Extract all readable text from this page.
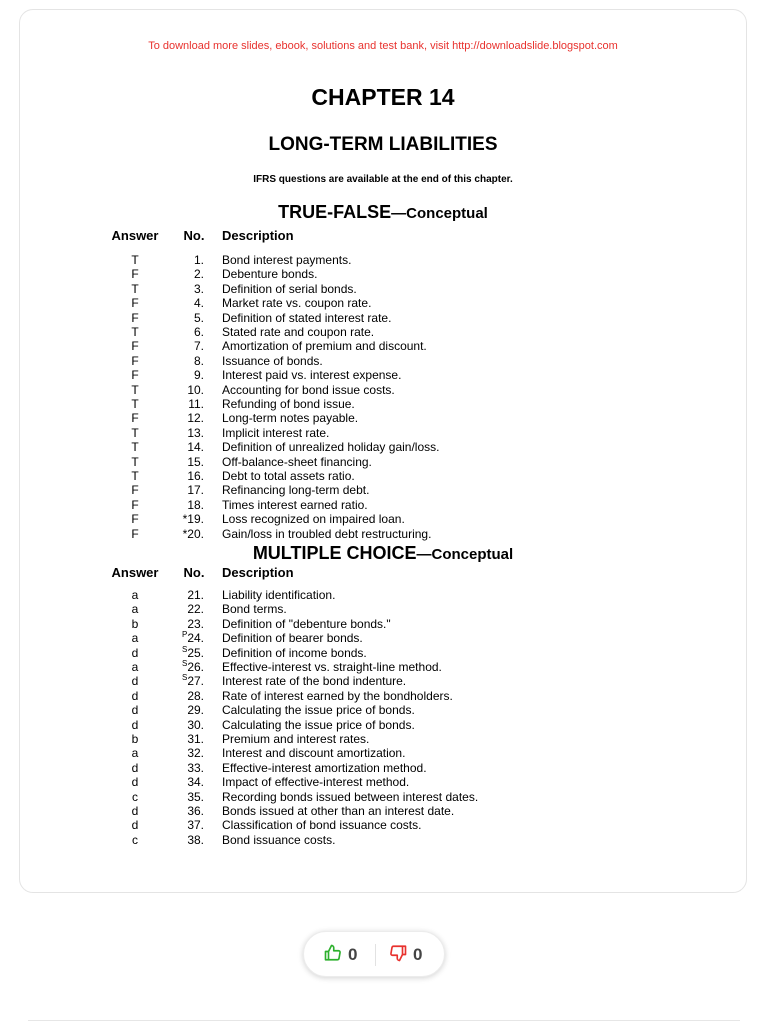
To download more slides, ebook, solutions and test bank, visit http://downloadslide.blogspot.com
CHAPTER 14
LONG-TERM LIABILITIES
IFRS questions are available at the end of this chapter.
TRUE-FALSE—Conceptual
Answer	No. Description
T	1. Bond interest payments.
F	2. Debenture bonds.
T	3. Definition of serial bonds.
F	4. Market rate vs. coupon rate.
F	5. Definition of stated interest rate.
T	6. Stated rate and coupon rate.
F	7. Amortization of premium and discount.
F	8. Issuance of bonds.
F	9. Interest paid vs. interest expense.
T	10. Accounting for bond issue costs.
T	11. Refunding of bond issue.
F	12. Long-term notes payable.
T	13. Implicit interest rate.
T	14. Definition of unrealized holiday gain/loss.
T	15. Off-balance-sheet financing.
T	16. Debt to total assets ratio.
F	17. Refinancing long-term debt.
F	18. Times interest earned ratio.
F	*19. Loss recognized on impaired loan.
F	*20. Gain/loss in troubled debt restructuring.
MULTIPLE CHOICE—Conceptual
Answer	No. Description
a	21. Liability identification.
a	22. Bond terms.
b	23. Definition of "debenture bonds."
a	$^P$24. Definition of bearer bonds.
d	$^S$25. Definition of income bonds.
a	$^S$26. Effective-interest vs. straight-line method.
d	$^S$27. Interest rate of the bond indenture.
d	28. Rate of interest earned by the bondholders.
d	29. Calculating the issue price of bonds.
d	30. Calculating the issue price of bonds.
b	31. Premium and interest rates.
a	32. Interest and discount amortization.
d	33. Effective-interest amortization method.
d	34. Impact of effective-interest method.
c	35. Recording bonds issued between interest dates.
d	36. Bonds issued at other than an interest date.
d	37. Classification of bond issuance costs.
c	38. Bond issuance costs.
0	0
